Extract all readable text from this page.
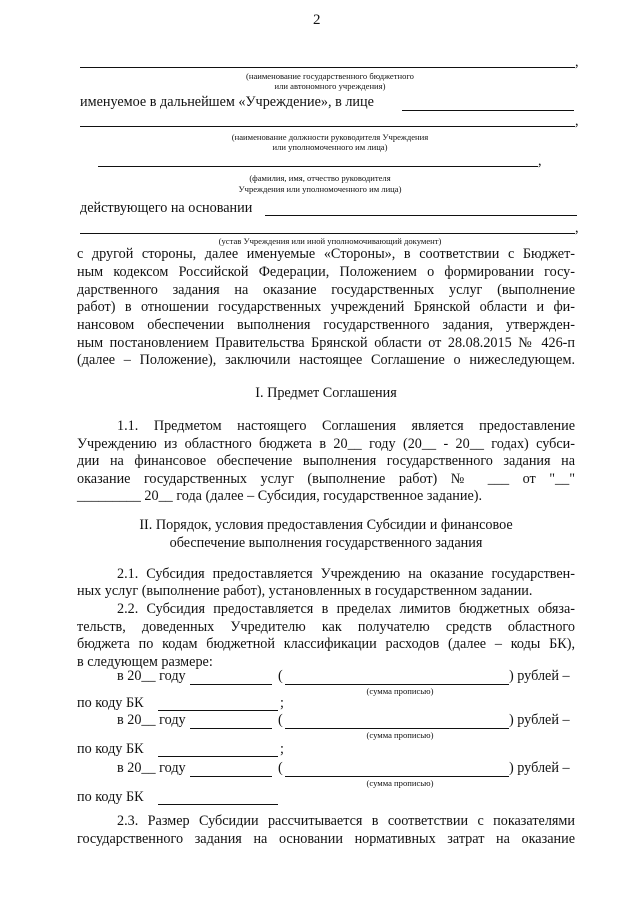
2
,
(наименование государственного бюджетного
или автономного учреждения)
именуемое в дальнейшем «Учреждение», в лице
,
(наименование должности руководителя Учреждения
или уполномоченного им лица)
,
(фамилия, имя, отчество руководителя
Учреждения или уполномоченного им лица)
действующего на основании
,
(устав Учреждения или иной уполномочивающий документ)
с другой стороны, далее именуемые «Стороны», в соответствии с Бюджет-
ным кодексом Российской Федерации, Положением о формировании госу-
дарственного задания на оказание государственных услуг (выполнение
работ) в отношении государственных учреждений Брянской области и фи-
нансовом обеспечении выполнения государственного задания, утвержден-
ным постановлением Правительства Брянской области от 28.08.2015 № 426-п
(далее – Положение), заключили настоящее Соглашение о нижеследующем.
I. Предмет Соглашения
1.1. Предметом настоящего Соглашения является предоставление
Учреждению из областного бюджета в 20__ году (20__ - 20__ годах) субси-
дии на финансовое обеспечение выполнения государственного задания на
оказание государственных услуг (выполнение работ) № ___ от "__"
_________ 20__ года (далее – Субсидия, государственное задание).
II. Порядок, условия предоставления Субсидии и финансовое
обеспечение выполнения государственного задания
2.1. Субсидия предоставляется Учреждению на оказание государствен-
ных услуг (выполнение работ), установленных в государственном задании.
2.2. Субсидия предоставляется в пределах лимитов бюджетных обяза-
тельств, доведенных Учредителю как получателю средств областного
бюджета по кодам бюджетной классификации расходов (далее – коды БК),
в следующем размере:
в 20__ году	(	) рублей –
(сумма прописью)
по коду БК	;
в 20__ году	(	) рублей –
(сумма прописью)
по коду БК	;
в 20__ году	(	) рублей –
(сумма прописью)
по коду БК
2.3. Размер Субсидии рассчитывается в соответствии с показателями
государственного задания на основании нормативных затрат на оказание
